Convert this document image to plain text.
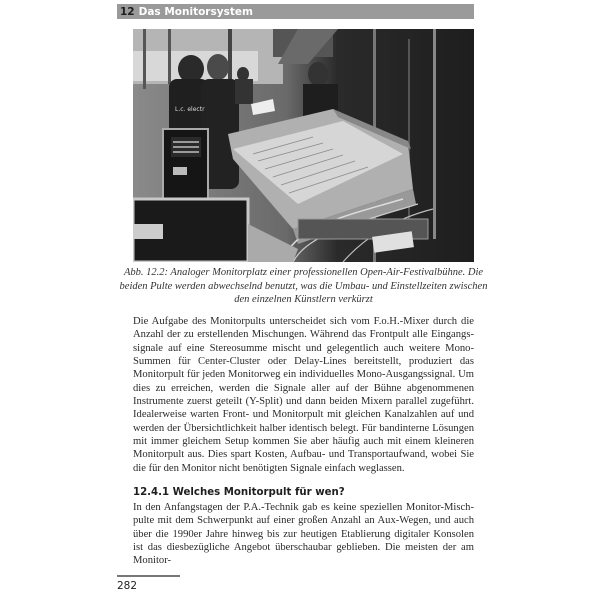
12 Das Monitorsystem
L.c. electr
Abb. 12.2: Analoger Monitorplatz einer professionellen Open-Air-Festivalbühne. Die beiden Pulte werden abwechselnd benutzt, was die Umbau- und Einstellzeiten zwischen den einzelnen Künstlern verkürzt

Die Aufgabe des Monitorpults unterscheidet sich vom F.o.H.-Mixer durch die Anzahl der zu erstellenden Mischungen. Während das Frontpult alle Eingangssignale auf eine Stereosumme mischt und gelegentlich auch weitere Mono-Summen für Center-Cluster oder Delay-Lines bereitstellt, produziert das Monitorpult für jeden Monitorweg ein individuelles Mono-Ausgangssignal. Um dies zu erreichen, werden die Signale aller auf der Bühne abgenommenen Instrumente zuerst geteilt (Y-Split) und dann beiden Mixern parallel zugeführt. Idealerweise warten Front- und Monitorpult mit gleichen Kanalzahlen auf und werden der Übersichtlichkeit halber identisch belegt. Für bandinterne Lösungen mit immer gleichem Setup kommen Sie aber häufig auch mit einem kleineren Monitorpult aus. Dies spart Kosten, Aufbau- und Transportaufwand, wobei Sie die für den Monitor nicht benötigten Signale einfach weglassen.

12.4.1 Welches Monitorpult für wen?

In den Anfangstagen der P.A.-Technik gab es keine speziellen Monitor-Mischpulte mit dem Schwerpunkt auf einer großen Anzahl an Aux-Wegen, und auch über die 1990er Jahre hinweg bis zur heutigen Etablierung digitaler Konsolen ist das diesbezügliche Angebot überschaubar geblieben. Die meisten der am Monitor-

282
